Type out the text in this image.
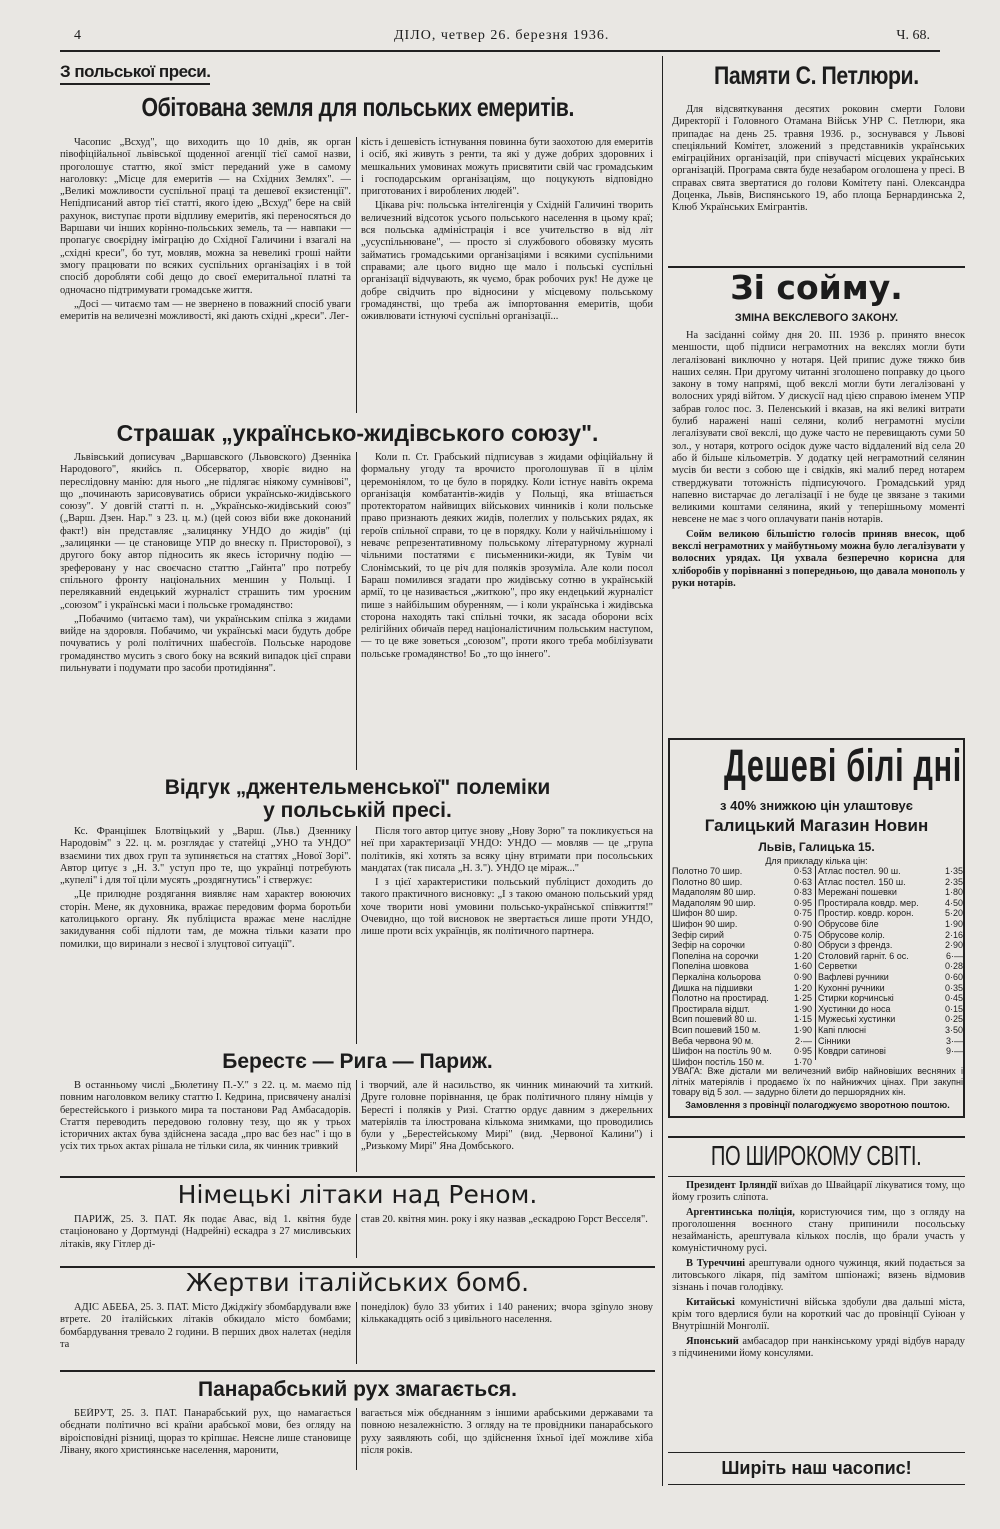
4	ДІЛО, четвер 26. березня 1936.	Ч. 68.
З польської преси.
Обітована земля для польських емеритів.

Часопис „Всхуд", що виходить що 10 днів, як орган півофіційальної львівської щоденної агенції тієї самої назви, проголошує статтю, якої зміст переданий уже в самому наголовку: „Місце для емеритів — на Східних Землях". — „Великі можливости суспільної праці та дешевої екзистенції". Непідписаний автор тієї статті, якого ідею „Всхуд" бере на свій рахунок, виступає проти відпливу емеритів, які переносяться до Варшави чи інших корінно-польських земель, та — навпаки — пропагує своєрідну іміграцію до Східної Галичини і взагалі на „східні креси", бо тут, мовляв, можна за невеликі гроші найти змогу працювати по всяких суспільних організаціях і в той спосіб доробляти собі дещо до своєї емеритальної платні та одночасно підтримувати громадське життя.

„Досі — читаємо там — не звернено в поважний спосіб уваги емеритів на величезні можливості, які дають східні „креси". Лег-

кість і дешевість істнування повинна бути заохотою для емеритів і осіб, які живуть з ренти, та які у дуже добрих здоровних і мешкальних умовинах можуть присвятити свій час громадським і господарським організаціям, що поцукують відповідно приготованих і вироблених людей".

Цікава річ: польська інтелігенція у Східній Галичині творить величезний відсоток усього польського населення в цьому краї; вся польська адміністрація і все учительство в від літ „усуспільнюване", — просто зі службового обовязку мусять займатись громадськими організаціями і всякими суспільними справами; але цього видно ще мало і польські суспільні організації відчувають, як чуємо, брак робочих рук! Не дуже це добре свідчить про відносини у місцевому польському громадянстві, що треба аж імпортовання емеритів, щоби оживлювати істнуючі суспільні організації...

Страшак „українсько-жидівського союзу".

Львівський дописувач „Варшавского (Львовского) Дзенніка Народового", якийсь п. Обсерватор, хворіє видно на переслідовну манію: для нього „не підлягає ніякому сумнівові", що „починають зарисовуватись обриси українсько-жидівського союзу". У довгій статті п. н. „Українсько-жидівський союз" („Варш. Дзен. Нар." з 23. ц. м.) (цей союз віби вже доконаний факт!) він представляє „залицянку УНДО до жидів" (ці „залицянки — це становище УПР до внеску п. Присторової), з другого боку автор підносить як якесь історичну подію — зреферовану у нас своєчасно статтю „Гайнта" про потребу спільного фронту національних меншин у Польщі. І перелякавний ендецький журналіст страшить тим уроєним „союзом" і українські маси і польське громадянство:

„Побачимо (читаємо там), чи українським спілка з жидами вийде на здоровля. Побачимо, чи українські маси будуть добре почуватись у ролі політичних шабесгоїв. Польське народове громадянство мусить з свого боку на всякий випадок цієї справи пильнувати і подумати про засоби протидіяння".

Коли п. Ст. Грабський підписував з жидами офіційальну й формальну угоду та врочисто проголошував її в цілім церемоніялом, то це було в порядку. Коли істнує навіть окрема організація комбатантів-жидів у Польщі, яка втішається протекторатом найвищих військових чинників і коли польське право признають деяких жидів, полеглих у польських рядах, як героїв спільної справи, то це в порядку. Коли у найчільнішому і невачє репрезентативному польському літературному журналі чільними постатями є письменники-жиди, як Тувім чи Слонімський, то це річ для поляків зрозуміла. Але коли посол Бараш помилився згадати про жидівську сотню в українській армії, то це називається „житкою", про яку ендецький журналіст пише з найбільшим обуренням, — і коли українська і жидівська сторона находять такі спільні точки, як засада оборони всіх релігійних обичаїв перед націоналістичним польським наступом, — то це вже зоветься „союзом", проти якого треба мобілізувати польське громадянство! Бо „то що іннего".

Відгук „джентельменської" полеміки
у польській пресі.

Кс. Францішек Блотвіцький у „Варш. (Льв.) Дзеннику Народовім" з 22. ц. м. розглядає у статейці „УНО та УНДО" взаємини тих двох груп та зупиняється на статтях „Нової Зорі". Автор цитує з „Н. З." уступ про те, що українці потребують „купелі" і для тої ціли мусять „роздягнутись" і ствержує:

„Це прилюдне роздягання виявляє нам характер воюючих сторін. Мене, як духовника, вражає передовим форма боротьби католицького органу. Як публіциста вражає мене наслідне закидування собі підлоти там, де можна тільки казати про помилки, що виринали з несвої і злуцтової ситуації".

Після того автор цитує знову „Нову Зорю" та покликується на неї при характеризації УНДО: УНДО — мовляв — це „група політиків, які хотять за всяку ціну втримати при посольських мандатах (так писала „Н. З."). УНДО це міраж..."

І з цієї характеристики польський публіцист доходить до такого практичного висновку: „І з такою оманою польський уряд хоче творити нові умовини польсько-української співжиття!" Очевидно, що той висновок не звертається лише проти УНДО, лише проти всіх українців, як політичного партнера.

Берестє — Рига — Париж.

В останньому числі „Бюлетину П.-У." з 22. ц. м. маємо під повним наголовком велику статтю І. Кедрина, присвячену аналізі берестейського і ризького мира та постанови Рад Амбасадорів. Стаття переводить передовою головну тезу, що як у трьох історичних актах бува здійснена засада „про вас без нас" і що в усіх тих трьох актах рішала не тільки сила, як чинник тривкий

і творчий, але й насильство, як чинник минаючий та хиткий. Друге головне порівнання, це брак політичного пляну німців у Бересті і поляків у Ризі. Статтю ордує давним з джерельних матеріялів та ілюстрована кількома знимками, що проводились були у „Берестейському Мирі" (вид. „Червоної Калини") і „Ризькому Мирі" Яна Домбського.

Німецькі літаки над Реном.

ПАРИЖ, 25. 3. ПАТ. Як подає Авас, від 1. квітня буде стаціоновано у Дортмунді (Надрейні) ескадра з 27 мисливських літаків, яку Гітлер ді-

став 20. квітня мин. року і яку назвав „ескадрою Горст Весселя".

Жертви італійських бомб.

АДІС АБЕБА, 25. 3. ПАТ. Місто Джіджіґу збомбардували вже втретє. 20 італійських літаків обкидало місто бомбами; бомбардування тревало 2 години. В перших двох налетах (неділя та

понеділок) було 33 убитих і 140 ранених; вчора зginуло знову кількакадцять осіб з цивільного населення.

Панарабський рух змагається.

БЕЙРУТ, 25. 3. ПАТ. Панарабський рух, що намагається обєднати політично всі країни арабської мови, без огляду на віроісповідні різниці, щораз то кріпшає. Неясне лише становище Лівану, якого християнське населення, маронити,

вагається між обєднанням з іншими арабськими державами та повною незалежністю. З огляду на те провідники панарабського руху заявляють собі, що здійснення їхньої ідеї можливе хіба після років.

Памяти С. Петлюри.

Для відсвяткування десятих роковин смерти Голови Директорії і Головного Отамана Військ УНР С. Петлюри, яка припадає на день 25. травня 1936. р., зоснувався у Львові спеціяльний Комітет, зложений з представників українських еміграційних організацій, при співучасті місцевих українських організацій. Програма свята буде незабаром оголошена у пресі. В справах свята звертатися до голови Комітету пані. Олександра Доценка, Львів, Виспянського 19, або площа Бернардинська 2, Клюб Українських Емігрантів.

Зі сойму.
ЗМІНА ВЕКСЛЕВОГО ЗАКОНУ.

На засіданні сойму дня 20. III. 1936 р. принято внесок меншости, щоб підписи неграмотних на векслях могли бути легалізовані виключно у нотаря. Цей припис дуже тяжко бив наших селян. При другому читанні зголошено поправку до цього закону в тому напрямі, щоб векслі могли бути легалізовані у волосних уряді війтом. У дискусії над цією справою іменем УПР забрав голос пос. З. Пеленський і вказав, на які великі витрати булиб наражені наші селяни, колиб неграмотні мусіли легалізувати свої векслі, що дуже часто не перевищають суми 50 зол., у нотаря, котрого осідок дуже часто віддалений від села 20 або й більше кільометрів. У додатку цей неграмотний селянин мусів би вести з собою ще і свідків, які малиб перед нотарем стверджувати тотожність підписуючого. Громадський уряд напевно вистарчає до легалізації і не буде це звязане з такими великими коштами селянина, який у теперішньому моменті невсене не має з чого оплачувати панів нотарів.

Сойм великою більшістю голосів приняв внесок, щоб векслі неграмотних у майбутньому можна було легалізувати у волосних урядах. Ця ухвала безперечно корисна для хліборобів у порівнанні з попередньою, що давала монополь у руки нотарів.

Дешеві білі дні
з 40% знижкою цін улаштовує
Галицький Магазин Новин
Львів, Галицька 15.
Для прикладу кілька цін:
Полотно 70 шир.	0·53
Полотно 80 шир.	0·63
Мадаполям 80 шир.	0·83
Мадаполям 90 шир.	0·95
Шифон 80 шир.	0·75
Шифон 90 шир.	0·90
Зефір сирий	0·75
Зефір на сорочки	0·80
Попеліна на сорочки	1·20
Попеліна шовкова	1·60
Перкаліна кольорова	0·90
Дишка на підшивки	1·20
Полотно на простирад.	1·25
Простирала відшт.	1·90
Всип пошевий 80 ш.	1·15
Всип пошевий 150 м.	1·90
Веба червона 90 м.	2·—
Шифон на постіль 90 м. 0·95
Шифон постіль 150 м.	1·70
Атлас постел. 90 ш.	1·35
Атлас постел. 150 ш.	2·35
Мережані пошевки	1·80
Простирала ковдр. мер.	4·50
Простир. ковдр. корон.	5·20
Обрусове біле	1·90
Обрусове колір.	2·16
Обруси з френдз.	2·90
Столовий гарніт. 6 ос.	6·—
Серветки	0·28
Вафлеві ручники	0·60
Кухонні ручники	0·35
Стирки корчинські	0·45
Хустинки до носа	0·15
Мужеські хустинки	0·25
Капі плюсні	3·50
Сінники	3·—
Ковдри сатинові	9·—
УВАГА: Вже дістали ми величезний вибір найновіших весняних і літніх матеріялів і продаємо їх по найнижчих цінах. При закупні товару від 5 зол. — задурно білети до першорядних кін.
Замовлення з провінції полагоджуємо зворотною поштою.
ПО ШИРОКОМУ СВІТІ.

Президент Ірляндії виїхав до Швайцарії лікуватися тому, що йому грозить сліпота.

Аргентинська поліція, користуючися тим, що з огляду на проголошення воєнного стану припинили посольську незайманість, арештувала кількох послів, що брали участь у комуністичному русі.

В Туреччині арештували одного чужинця, який подається за литовського лікаря, під замітом шпіонажі; вязень відмовив зізнань і почав голодівку.

Китайські комуністичні війська здобули два дальші міста, крім того вдерлися були на короткий час до провінції Суіюан у Внутрішній Монголії.

Японський амбасадор при нанкінському уряді відбув нараду з підчиненими йому консулями.

Ширіть наш часопис!
